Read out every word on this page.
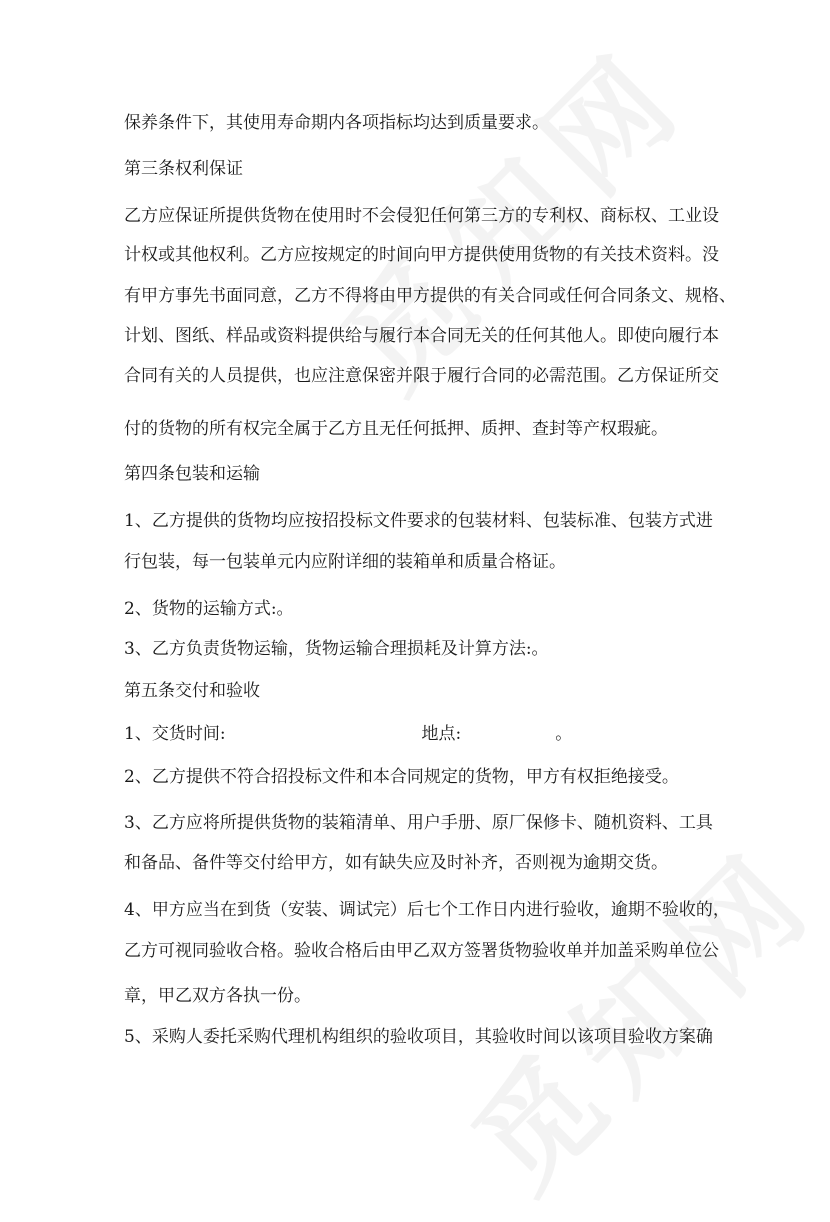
保养条件下，其使用寿命期内各项指标均达到质量要求。
第三条权利保证
乙方应保证所提供货物在使用时不会侵犯任何第三方的专利权、商标权、工业设
计权或其他权利。乙方应按规定的时间向甲方提供使用货物的有关技术资料。没
有甲方事先书面同意，乙方不得将由甲方提供的有关合同或任何合同条文、规格、
计划、图纸、样品或资料提供给与履行本合同无关的任何其他人。即使向履行本
合同有关的人员提供，也应注意保密并限于履行合同的必需范围。乙方保证所交
付的货物的所有权完全属于乙方且无任何抵押、质押、查封等产权瑕疵。
第四条包装和运输
1、乙方提供的货物均应按招投标文件要求的包装材料、包装标准、包装方式进
行包装，每一包装单元内应附详细的装箱单和质量合格证。
2、货物的运输方式:。
3、乙方负责货物运输，货物运输合理损耗及计算方法:。
第五条交付和验收
1、交货时间:	地点:	。
2、乙方提供不符合招投标文件和本合同规定的货物，甲方有权拒绝接受。
3、乙方应将所提供货物的装箱清单、用户手册、原厂保修卡、随机资料、工具
和备品、备件等交付给甲方，如有缺失应及时补齐，否则视为逾期交货。
4、甲方应当在到货（安装、调试完）后七个工作日内进行验收，逾期不验收的，
乙方可视同验收合格。验收合格后由甲乙双方签署货物验收单并加盖采购单位公
章，甲乙双方各执一份。
5、采购人委托采购代理机构组织的验收项目，其验收时间以该项目验收方案确
